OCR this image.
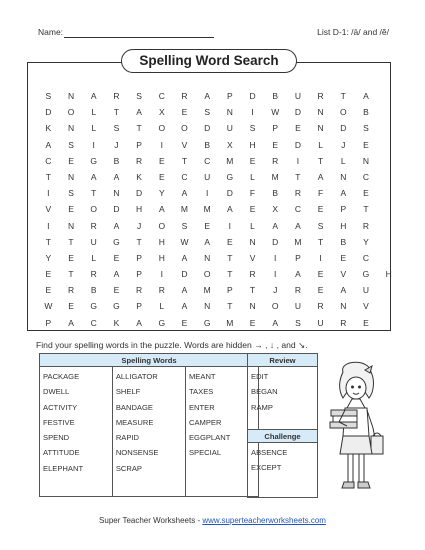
Name:	List D-1: /ā/ and /ĕ/
Spelling Word Search
S	N	A	R	S	C	R	A	P	D	B	U	R	T	A
D	O	L	T	A	X	E	S	N	I	W	D	N	O	B
K	N	L	S	T	O	O	D	U	S	P	E	N	D	S
A	S	I	J	P	I	V	B	X	H	E	D	L	J	E
C	E	G	B	R	E	T	C	M	E	R	I	T	L	N
T	N	A	A	K	E	C	U	G	L	M	T	A	N	C
I	S	T	N	D	Y	A	I	D	F	B	R	F	A	E
V	E	O	D	H	A	M	M	A	E	X	C	E	P	T
I	N	R	A	J	O	S	E	I	L	A	A	S	H	R
T	T	U	G	T	H	W	A	E	N	D	M	T	B	Y
Y	E	L	E	P	H	A	N	T	V	I	P	I	E	C
E	T	R	A	P	I	D	O	T	R	I	A	E	V	G	H
E	R	B	E	R	R	A	M	P	T	J	R	E	A	U
W	E	G	G	P	L	A	N	T	N	O	U	R	N	V
P	A	C	K	A	G	E	G	M	E	A	S	U	R	E
Find your spelling words in the puzzle. Words are hidden → , ↓ , and ↘.
Spelling Words

PACKAGE
DWELL
ACTIVITY
FESTIVE
SPEND
ATTITUDE
ELEPHANT

ALLIGATOR
SHELF
BANDAGE
MEASURE
RAPID
NONSENSE
SCRAP

MEANT
TAXES
ENTER
CAMPER
EGGPLANT
SPECIAL
Review

EDIT
BEGAN
RAMP
Challenge

ABSENCE
EXCEPT
Super Teacher Worksheets - www.superteacherworksheets.com
